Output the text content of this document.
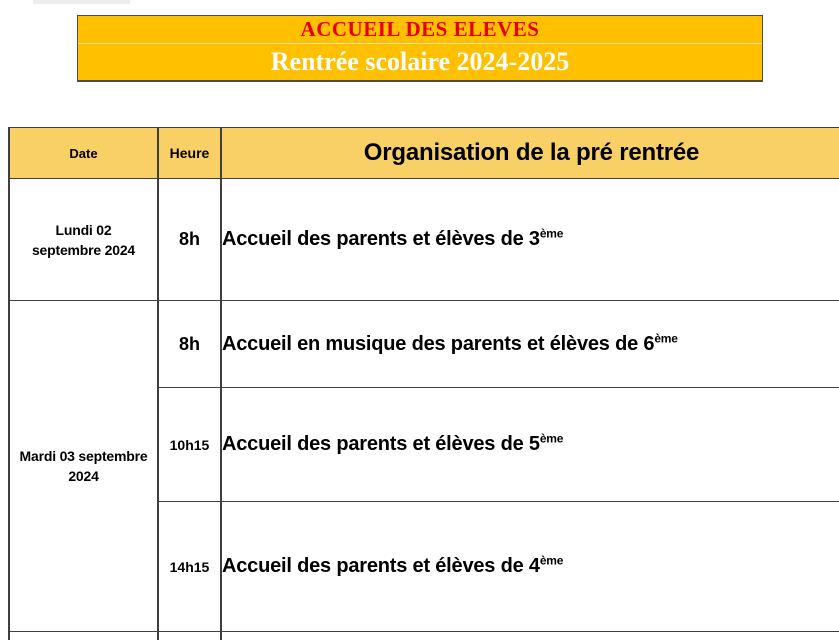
ACCUEIL DES ELEVES
Rentrée scolaire 2024-2025
Date	Heure	Organisation de la pré rentrée

Lundi 02
septembre 2024	8h	Accueil des parents et élèves de 3ème

Mardi 03 septembre
2024	8h	Accueil en musique des parents et élèves de 6ème
	10h15	Accueil des parents et élèves de 5ème
	14h15	Accueil des parents et élèves de 4ème
